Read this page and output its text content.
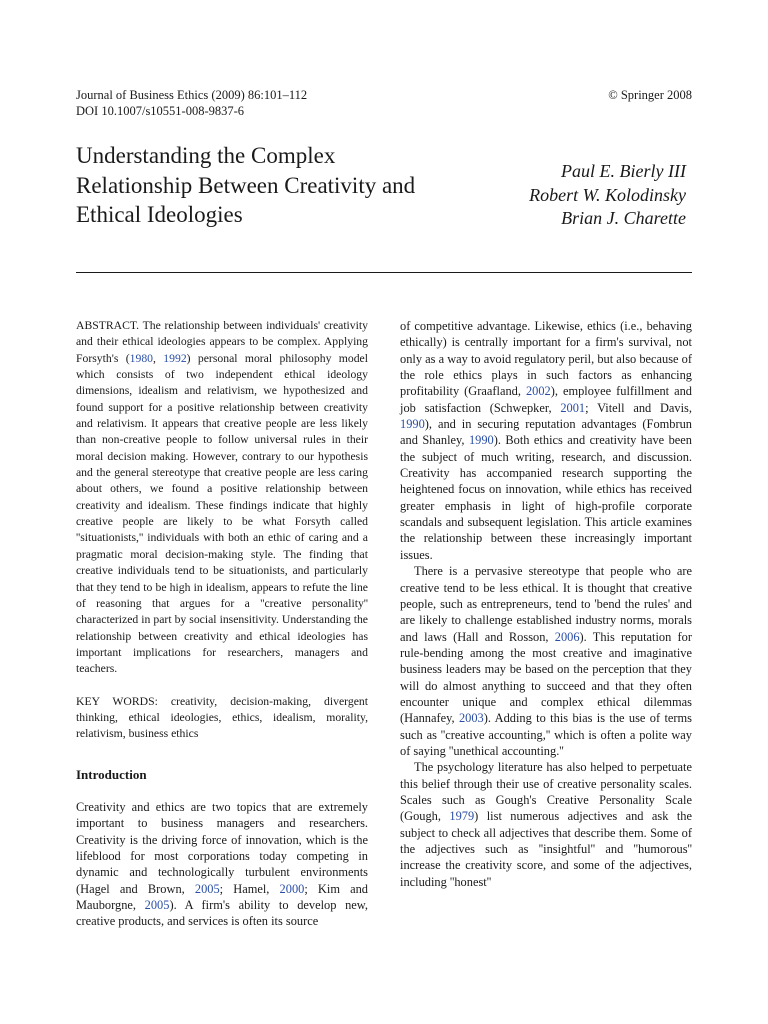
Journal of Business Ethics (2009) 86:101–112
DOI 10.1007/s10551-008-9837-6
© Springer 2008
Understanding the Complex
Relationship Between Creativity and
Ethical Ideologies
Paul E. Bierly III
Robert W. Kolodinsky
Brian J. Charette

ABSTRACT. The relationship between individuals' creativity and their ethical ideologies appears to be complex. Applying Forsyth's (1980, 1992) personal moral philosophy model which consists of two independent ethical ideology dimensions, idealism and relativism, we hypothesized and found support for a positive relationship between creativity and relativism. It appears that creative people are less likely than non-creative people to follow universal rules in their moral decision making. However, contrary to our hypothesis and the general stereotype that creative people are less caring about others, we found a positive relationship between creativity and idealism. These findings indicate that highly creative people are likely to be what Forsyth called ''situationists,'' individuals with both an ethic of caring and a pragmatic moral decision-making style. The finding that creative individuals tend to be situationists, and particularly that they tend to be high in idealism, appears to refute the line of reasoning that argues for a ''creative personality'' characterized in part by social insensitivity. Understanding the relationship between creativity and ethical ideologies has important implications for researchers, managers and teachers.

KEY WORDS: creativity, decision-making, divergent thinking, ethical ideologies, ethics, idealism, morality, relativism, business ethics

Introduction

Creativity and ethics are two topics that are extremely important to business managers and researchers. Creativity is the driving force of innovation, which is the lifeblood for most corporations today competing in dynamic and technologically turbulent environments (Hagel and Brown, 2005; Hamel, 2000; Kim and Mauborgne, 2005). A firm's ability to develop new, creative products, and services is often its source

of competitive advantage. Likewise, ethics (i.e., behaving ethically) is centrally important for a firm's survival, not only as a way to avoid regulatory peril, but also because of the role ethics plays in such factors as enhancing profitability (Graafland, 2002), employee fulfillment and job satisfaction (Schwepker, 2001; Vitell and Davis, 1990), and in securing reputation advantages (Fombrun and Shanley, 1990). Both ethics and creativity have been the subject of much writing, research, and discussion. Creativity has accompanied research supporting the heightened focus on innovation, while ethics has received greater emphasis in light of high-profile corporate scandals and subsequent legislation. This article examines the relationship between these increasingly important issues.

There is a pervasive stereotype that people who are creative tend to be less ethical. It is thought that creative people, such as entrepreneurs, tend to 'bend the rules' and are likely to challenge established industry norms, morals and laws (Hall and Rosson, 2006). This reputation for rule-bending among the most creative and imaginative business leaders may be based on the perception that they will do almost anything to succeed and that they often encounter unique and complex ethical dilemmas (Hannafey, 2003). Adding to this bias is the use of terms such as ''creative accounting,'' which is often a polite way of saying ''unethical accounting.''

The psychology literature has also helped to perpetuate this belief through their use of creative personality scales. Scales such as Gough's Creative Personality Scale (Gough, 1979) list numerous adjectives and ask the subject to check all adjectives that describe them. Some of the adjectives such as ''insightful'' and ''humorous'' increase the creativity score, and some of the adjectives, including ''honest''
